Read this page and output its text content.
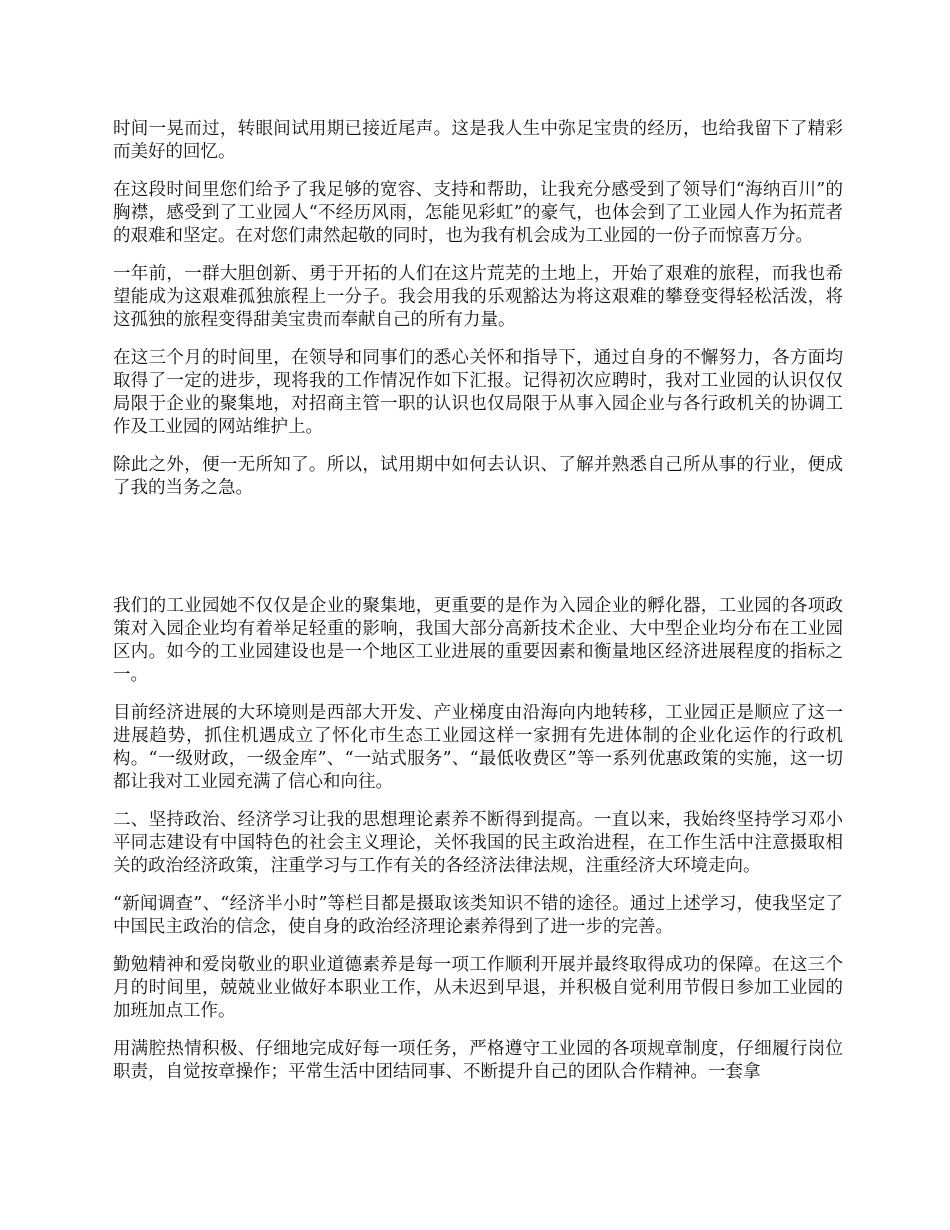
时间一晃而过，转眼间试用期已接近尾声。这是我人生中弥足宝贵的经历，也给我留下了精彩而美好的回忆。

在这段时间里您们给予了我足够的宽容、支持和帮助，让我充分感受到了领导们“海纳百川”的胸襟，感受到了工业园人“不经历风雨，怎能见彩虹”的豪气，也体会到了工业园人作为拓荒者的艰难和坚定。在对您们肃然起敬的同时，也为我有机会成为工业园的一份子而惊喜万分。

一年前，一群大胆创新、勇于开拓的人们在这片荒芜的土地上，开始了艰难的旅程，而我也希望能成为这艰难孤独旅程上一分子。我会用我的乐观豁达为将这艰难的攀登变得轻松活泼，将这孤独的旅程变得甜美宝贵而奉献自己的所有力量。

在这三个月的时间里，在领导和同事们的悉心关怀和指导下，通过自身的不懈努力，各方面均取得了一定的进步，现将我的工作情况作如下汇报。记得初次应聘时，我对工业园的认识仅仅局限于企业的聚集地，对招商主管一职的认识也仅局限于从事入园企业与各行政机关的协调工作及工业园的网站维护上。

除此之外，便一无所知了。所以，试用期中如何去认识、了解并熟悉自己所从事的行业，便成了我的当务之急。

我们的工业园她不仅仅是企业的聚集地，更重要的是作为入园企业的孵化器，工业园的各项政策对入园企业均有着举足轻重的影响，我国大部分高新技术企业、大中型企业均分布在工业园区内。如今的工业园建设也是一个地区工业进展的重要因素和衡量地区经济进展程度的指标之一。

目前经济进展的大环境则是西部大开发、产业梯度由沿海向内地转移，工业园正是顺应了这一进展趋势，抓住机遇成立了怀化市生态工业园这样一家拥有先进体制的企业化运作的行政机构。“一级财政，一级金库”、“一站式服务”、“最低收费区”等一系列优惠政策的实施，这一切都让我对工业园充满了信心和向往。

二、坚持政治、经济学习让我的思想理论素养不断得到提高。一直以来，我始终坚持学习邓小平同志建设有中国特色的社会主义理论，关怀我国的民主政治进程，在工作生活中注意摄取相关的政治经济政策，注重学习与工作有关的各经济法律法规，注重经济大环境走向。

“新闻调查”、“经济半小时”等栏目都是摄取该类知识不错的途径。通过上述学习，使我坚定了中国民主政治的信念，使自身的政治经济理论素养得到了进一步的完善。

勤勉精神和爱岗敬业的职业道德素养是每一项工作顺利开展并最终取得成功的保障。在这三个月的时间里，兢兢业业做好本职业工作，从未迟到早退，并积极自觉利用节假日参加工业园的加班加点工作。

用满腔热情积极、仔细地完成好每一项任务，严格遵守工业园的各项规章制度，仔细履行岗位职责，自觉按章操作；平常生活中团结同事、不断提升自己的团队合作精神。一套拿
